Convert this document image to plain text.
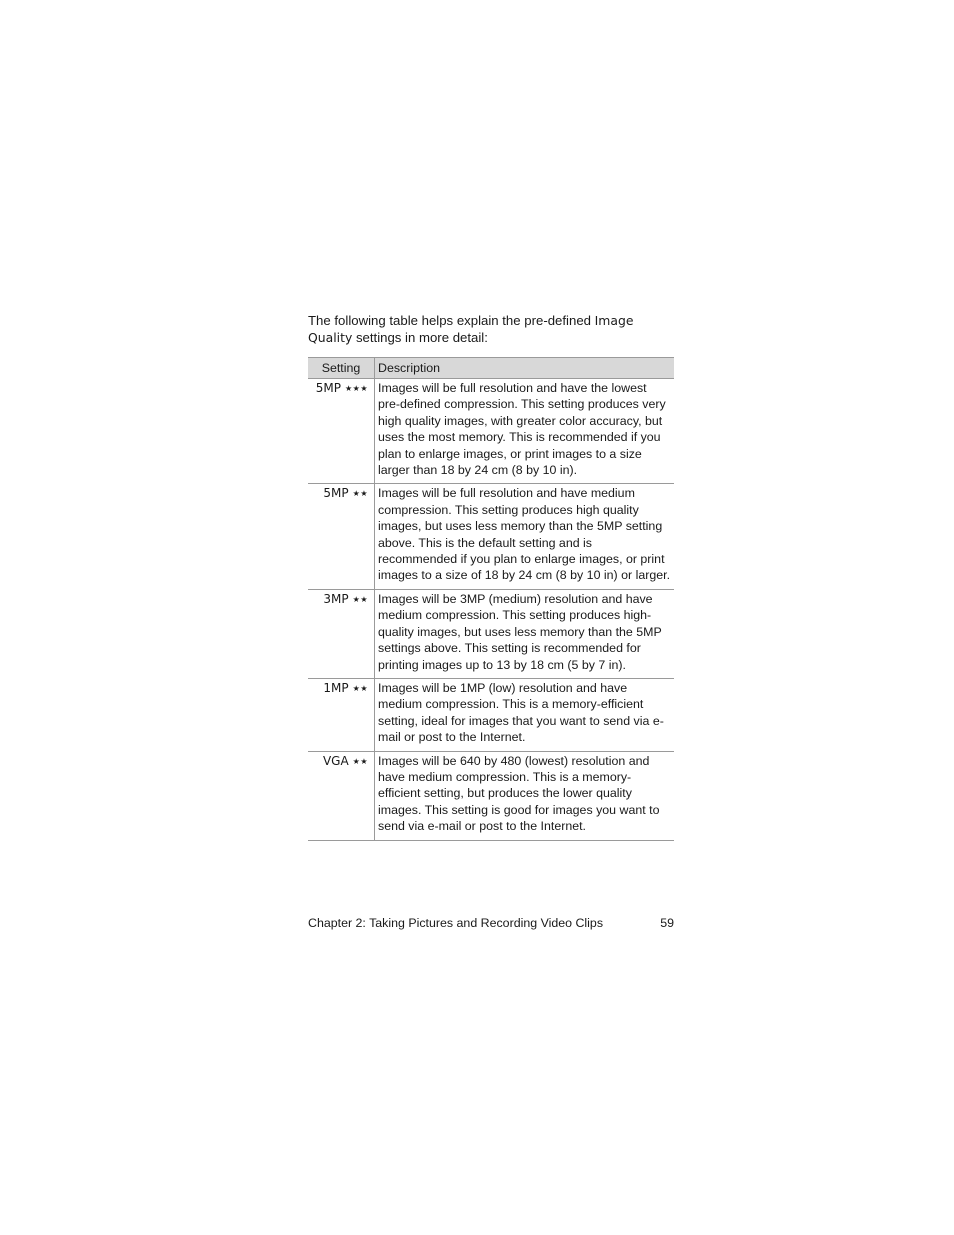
The following table helps explain the pre-defined Image Quality settings in more detail:

Setting	Description
5MP ★★★	Images will be full resolution and have the lowest pre-defined compression. This setting produces very high quality images, with greater color accuracy, but uses the most memory. This is recommended if you plan to enlarge images, or print images to a size larger than 18 by 24 cm (8 by 10 in).
5MP ★★	Images will be full resolution and have medium compression. This setting produces high quality images, but uses less memory than the 5MP setting above. This is the default setting and is recommended if you plan to enlarge images, or print images to a size of 18 by 24 cm (8 by 10 in) or larger.
3MP ★★	Images will be 3MP (medium) resolution and have medium compression. This setting produces high-quality images, but uses less memory than the 5MP settings above. This setting is recommended for printing images up to 13 by 18 cm (5 by 7 in).
1MP ★★	Images will be 1MP (low) resolution and have medium compression. This is a memory-efficient setting, ideal for images that you want to send via e-mail or post to the Internet.
VGA ★★	Images will be 640 by 480 (lowest) resolution and have medium compression. This is a memory-efficient setting, but produces the lower quality images. This setting is good for images you want to send via e-mail or post to the Internet.
Chapter 2: Taking Pictures and Recording Video Clips	59
